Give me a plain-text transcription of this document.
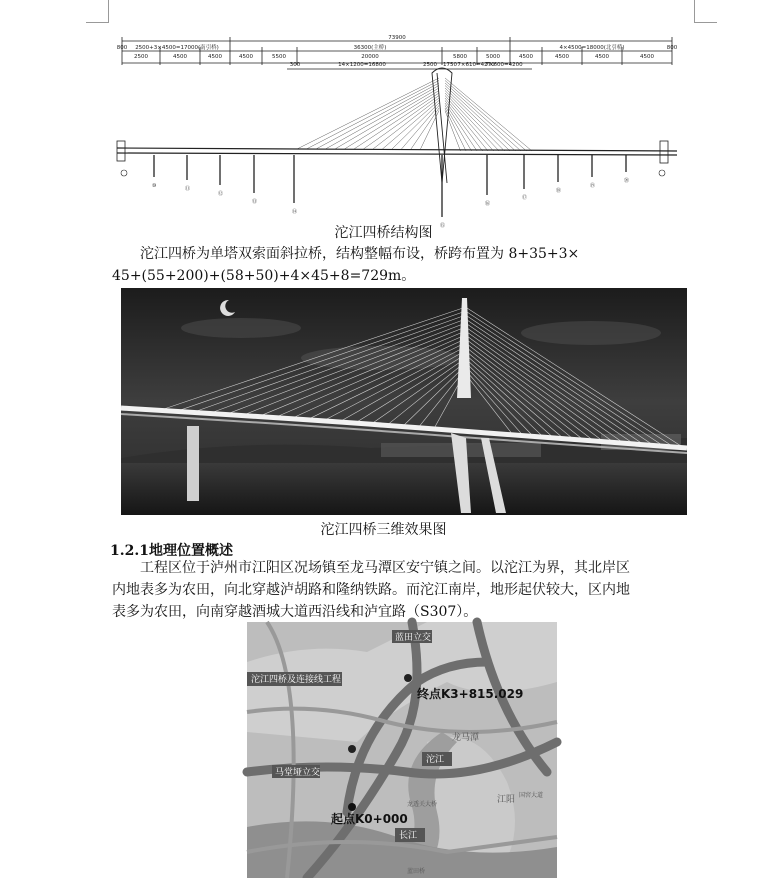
73900
2500+3×4500=17000(南引桥)	36300(主桥)	4×4500=18000(北引桥)
800	800
2500	4500	4500	4500	5500	20000	5800	5000	4500	4500	4500	4500
300	14×1200=16800	2500 1750 7×610=4270
7×600=4200
⑩	⑪
⑫
⑬
⑭
⑮
⑯
⑰
⑱
⑲
⑳
沱江四桥结构图
沱江四桥为单塔双索面斜拉桥，结构整幅布设，桥跨布置为 8+35+3×
45+(55+200)+(58+50)+4×45+8=729m。
沱江四桥三维效果图
1.2.1地理位置概述
工程区位于泸州市江阳区况场镇至龙马潭区安宁镇之间。以沱江为界，其北岸区
内地表多为农田，向北穿越泸胡路和隆纳铁路。而沱江南岸，地形起伏较大，区内地
表多为农田，向南穿越酒城大道西沿线和泸宜路（S307）。
沱江四桥及连接线工程
蓝田立交
马堂垭立交
沱江
长江
终点K3+815.029
起点K0+000
江阳
龙马潭
蓝田桥
龙透关大桥
国窖大道
